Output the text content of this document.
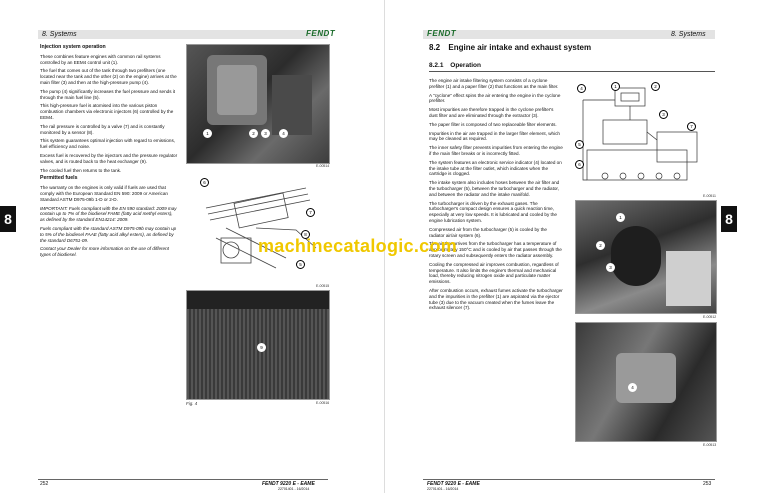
8. Systems	FENDT

Injection system operation

These combines feature engines with common rail systems controlled by an EEM4 control unit (1).

The fuel that comes out of the tank through two prefilters (one located near the tank and the other (2) on the engine) arrives at the main filter (3) and then at the high-pressure pump (4).

The pump (4) significantly increases the fuel pressure and sends it through the main fuel line (5).

This high-pressure fuel is atomised into the various piston combustion chambers via electronic injectors (6) controlled by the EEM4.

The rail pressure is controlled by a valve (7) and is constantly monitored by a sensor (8).

This system guarantees optimal injection with regard to emissions, fuel efficiency and noise.

Excess fuel is recovered by the injectors and the pressure regulator valves, and is routed back to the heat exchanger (9).

The cooled fuel then returns to the tank.

Permitted fuels

The warranty on the engines is only valid if fuels are used that comply with the European Standard EN 590: 2009 or American Standard ASTM D975-09b 1-D or 2-D.

IMPORTANT: Fuels compliant with the EN 590 standard: 2009 may contain up to 7% of the biodiesel FAME (fatty acid methyl esters), as defined by the standard EN14214: 2009.

Fuels compliant with the standard ASTM D975-09b may contain up to 5% of the biodiesel FAAE (fatty acid alkyl esters), as defined by the standard D6751-09.

Contact your Dealer for more information on the use of different types of biodiesel.

1	2	3	4
E-00514
6
7
8
5
E-00515
9
Fig. 4	E-00516
8
252	FENDT 9220 E - EAME
22701401 - 16/2014
FENDT	8. Systems
8.2 Engine air intake and exhaust system
8.2.1 Operation

The engine air intake filtering system consists of a cyclone prefilter (1) and a paper filter (2) that functions as the main filter.

A "cyclone" effect spins the air entering the engine in the cyclone prefilter.

Most impurities are therefore trapped in the cyclone prefilter's dust filter and are eliminated through the extractor (3).

The paper filter is composed of two replaceable filter elements.

Impurities in the air are trapped in the larger filter element, which may be cleaned as required.

The inner safety filter prevents impurities from entering the engine if the main filter breaks or is incorrectly fitted.

The system features an electronic service indicator (4) located on the intake tube at the filter outlet, which indicates when the cartridge is clogged.

The intake system also includes hoses between the air filter and the turbocharger (5), between the turbocharger and the radiator, and between the radiator and the intake manifold.

The turbocharger is driven by the exhaust gases. The turbocharger's compact design ensures a quick reaction time, especially at very low speeds. It is lubricated and cooled by the engine lubrication system.

Compressed air from the turbocharger (5) is cooled by the radiator air/air system (6).

The air that arrives from the turbocharger has a temperature of approximately 150°C and is cooled by air that passes through the rotary screen and subsequently enters the radiator assembly.

Cooling the compressed air improves combustion, regardless of temperature. It also limits the engine's thermal and mechanical load, thereby reducing nitrogen oxide and particulate matter emissions.

After combustion occurs, exhaust fumes activate the turbocharger and the impurities in the prefilter (1) are aspirated via the ejector tube (3) due to the vacuum created when the fumes leave the exhaust silencer (7).

1	2
3
4
5
6
7
E-00511
1
2
3
E-00512
4
E-00513
8
FENDT 9220 E - EAME
22701401 - 16/2014
253
machinecatalogic.com
